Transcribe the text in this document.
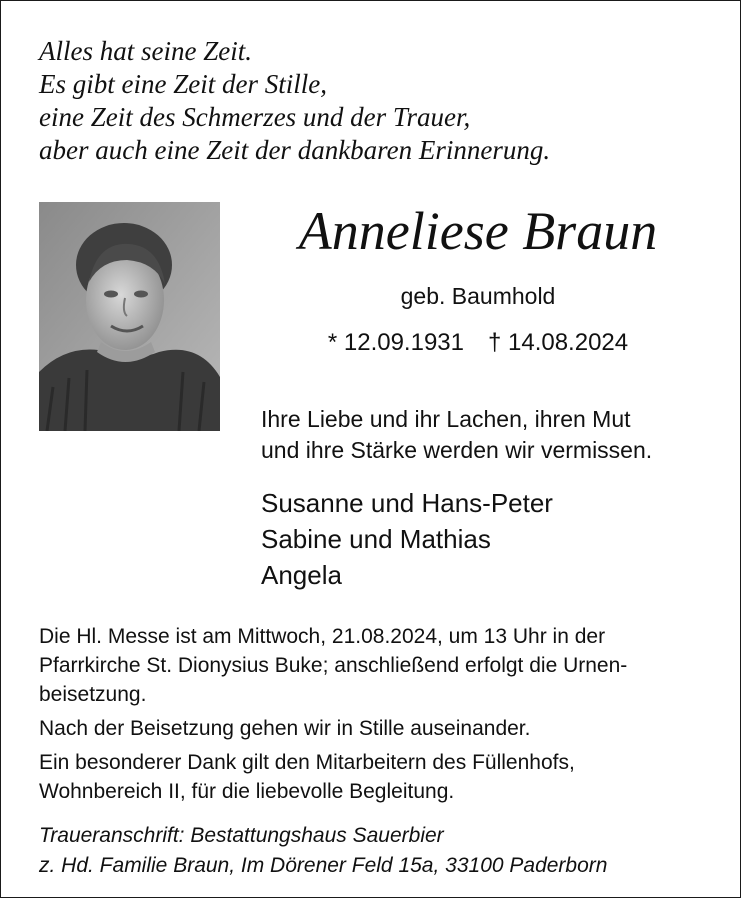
Alles hat seine Zeit.
Es gibt eine Zeit der Stille,
eine Zeit des Schmerzes und der Trauer,
aber auch eine Zeit der dankbaren Erinnerung.
Anneliese Braun
geb. Baumhold
* 12.09.1931 † 14.08.2024
Ihre Liebe und ihr Lachen, ihren Mut
und ihre Stärke werden wir vermissen.
Susanne und Hans-Peter
Sabine und Mathias
Angela
Die Hl. Messe ist am Mittwoch, 21.08.2024, um 13 Uhr in der
Pfarrkirche St. Dionysius Buke; anschließend erfolgt die Urnen-
beisetzung.
Nach der Beisetzung gehen wir in Stille auseinander.
Ein besonderer Dank gilt den Mitarbeitern des Füllenhofs,
Wohnbereich II, für die liebevolle Begleitung.
Traueranschrift: Bestattungshaus Sauerbier
z. Hd. Familie Braun, Im Dörener Feld 15a, 33100 Paderborn
